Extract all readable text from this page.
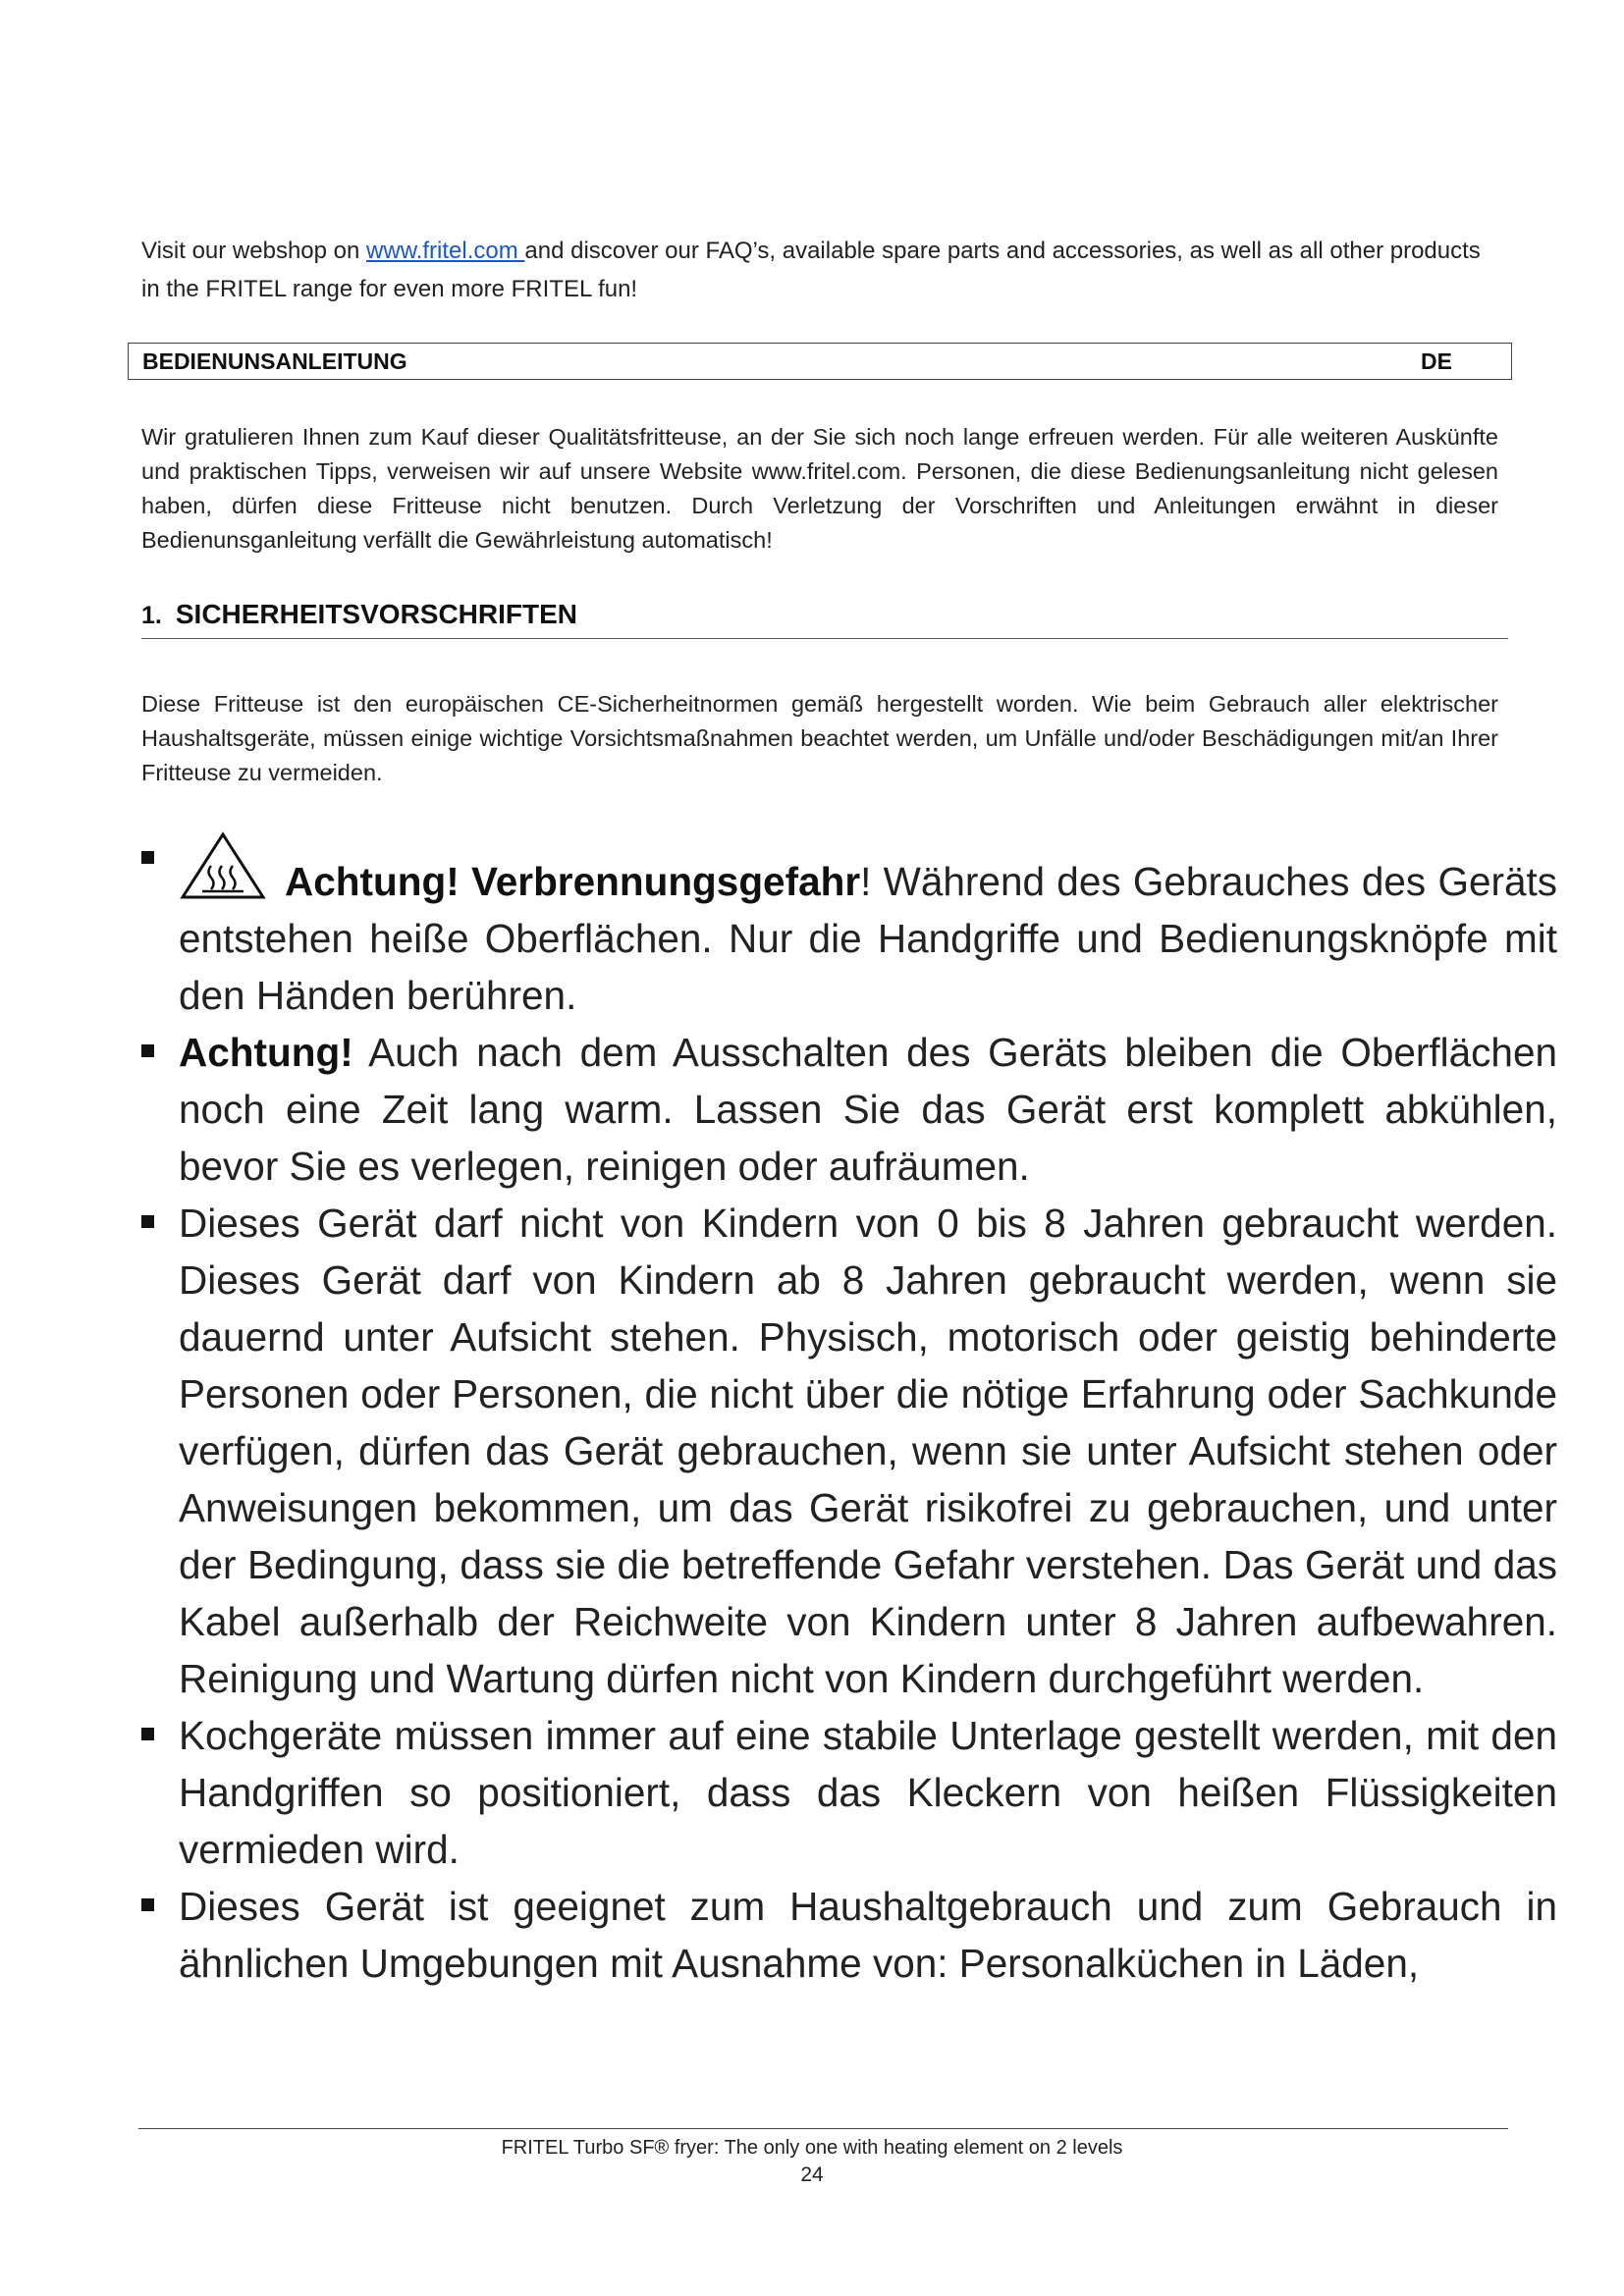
Visit our webshop on www.fritel.com and discover our FAQ’s, available spare parts and accessories, as well as all other products in the FRITEL range for even more FRITEL fun!
BEDIENUNSANLEITUNG	DE
Wir gratulieren Ihnen zum Kauf dieser Qualitätsfritteuse, an der Sie sich noch lange erfreuen werden. Für alle weiteren Auskünfte und praktischen Tipps, verweisen wir auf unsere Website www.fritel.com. Personen, die diese Bedienungsanleitung nicht gelesen haben, dürfen diese Fritteuse nicht benutzen. Durch Verletzung der Vorschriften und Anleitungen erwähnt in dieser Bedienunsganleitung verfällt die Gewährleistung automatisch!
1. SICHERHEITSVORSCHRIFTEN
Diese Fritteuse ist den europäischen CE-Sicherheitnormen gemäß hergestellt worden. Wie beim Gebrauch aller elektrischer Haushaltsgeräte, müssen einige wichtige Vorsichtsmaßnahmen beachtet werden, um Unfälle und/oder Beschädigungen mit/an Ihrer Fritteuse zu vermeiden.
Achtung! Verbrennungsgefahr! Während des Gebrauches des Geräts entstehen heiße Oberflächen. Nur die Handgriffe und Bedienungsknöpfe mit den Händen berühren.
Achtung! Auch nach dem Ausschalten des Geräts bleiben die Oberflächen noch eine Zeit lang warm. Lassen Sie das Gerät erst komplett abkühlen, bevor Sie es verlegen, reinigen oder aufräumen.
Dieses Gerät darf nicht von Kindern von 0 bis 8 Jahren gebraucht werden. Dieses Gerät darf von Kindern ab 8 Jahren gebraucht werden, wenn sie dauernd unter Aufsicht stehen. Physisch, motorisch oder geistig behinderte Personen oder Personen, die nicht über die nötige Erfahrung oder Sachkunde verfügen, dürfen das Gerät gebrauchen, wenn sie unter Aufsicht stehen oder Anweisungen bekommen, um das Gerät risikofrei zu gebrauchen, und unter der Bedingung, dass sie die betreffende Gefahr verstehen. Das Gerät und das Kabel außerhalb der Reichweite von Kindern unter 8 Jahren aufbewahren. Reinigung und Wartung dürfen nicht von Kindern durchgeführt werden.
Kochgeräte müssen immer auf eine stabile Unterlage gestellt werden, mit den Handgriffen so positioniert, dass das Kleckern von heißen Flüssigkeiten vermieden wird.
Dieses Gerät ist geeignet zum Haushaltgebrauch und zum Gebrauch in ähnlichen Umgebungen mit Ausnahme von: Personalküchen in Läden,
FRITEL Turbo SF® fryer: The only one with heating element on 2 levels
24
